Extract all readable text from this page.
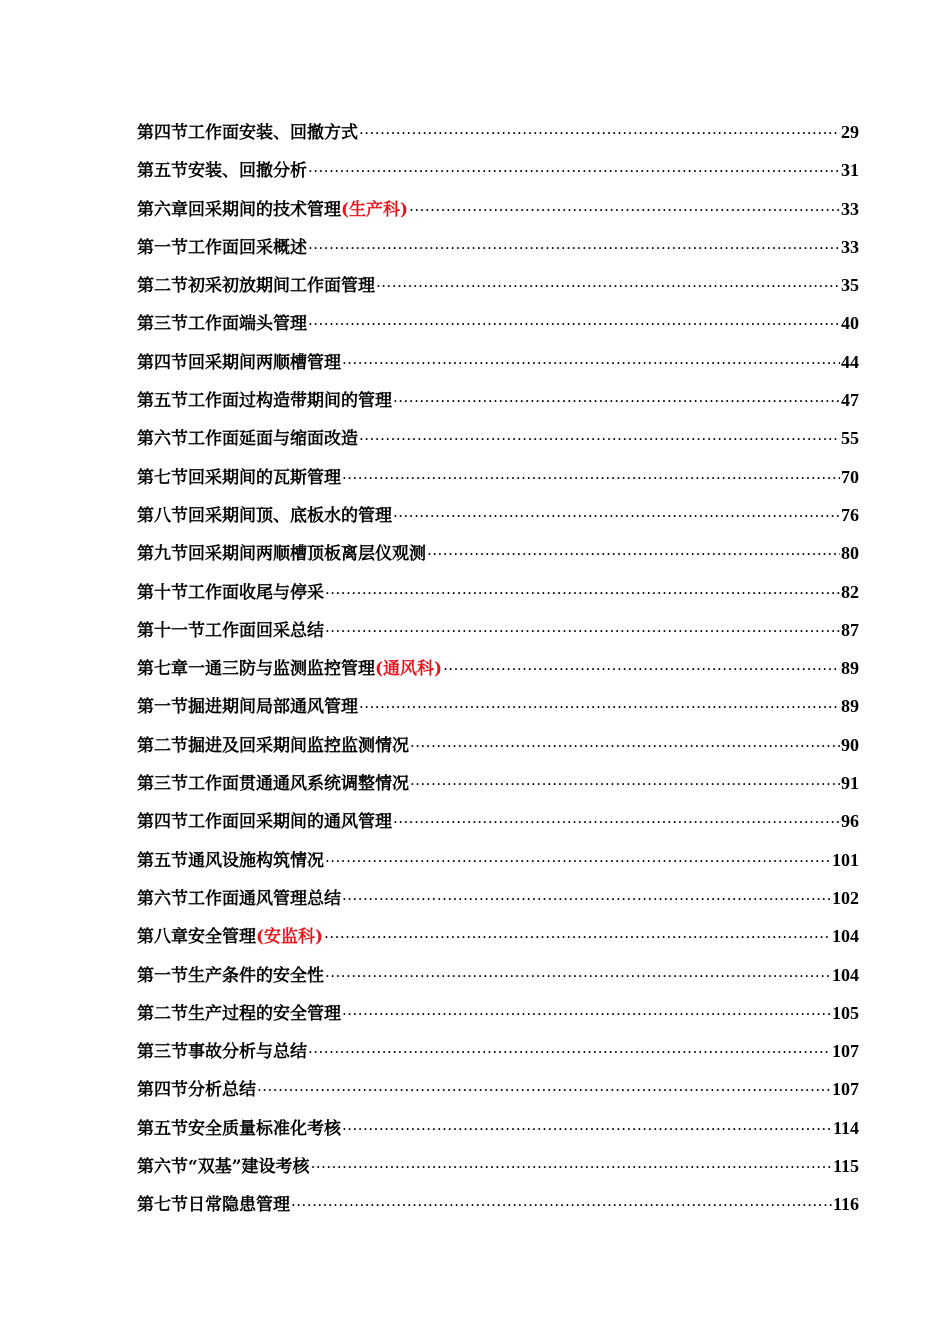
第四节 工作面安装、回撤方式 ·····	29
第五节 安装、回撤分析 ·····	31
第六章 回采期间的技术管理 (生产科) ·····	33
第一节 工作面回采概述 ·····	33
第二节 初采初放期间工作面管理 ·····	35
第三节 工作面端头管理 ·····	40
第四节 回采期间两顺槽管理 ·····	44
第五节 工作面过构造带期间的管理 ·····	47
第六节 工作面延面与缩面改造 ·····	55
第七节 回采期间的瓦斯管理 ·····	70
第八节 回采期间顶、底板水的管理 ·····	76
第九节 回采期间两顺槽顶板离层仪观测 ·····	80
第十节 工作面收尾与停采 ·····	82
第十一节 工作面回采总结 ·····	87
第七章 一通三防与监测监控管理 (通风科) ·····	89
第一节 掘进期间局部通风管理 ·····	89
第二节 掘进及回采期间监控监测情况 ·····	90
第三节 工作面贯通通风系统调整情况 ·····	91
第四节 工作面回采期间的通风管理 ·····	96
第五节 通风设施构筑情况 ·····	101
第六节 工作面通风管理总结 ·····	102
第八章 安全管理 (安监科) ·····	104
第一节 生产条件的安全性 ·····	104
第二节 生产过程的安全管理 ·····	105
第三节 事故分析与总结 ·····	107
第四节 分析总结 ·····	107
第五节 安全质量标准化考核 ·····	114
第六节 “双基”建设考核 ·····	115
第七节 日常隐患管理 ·····	116
